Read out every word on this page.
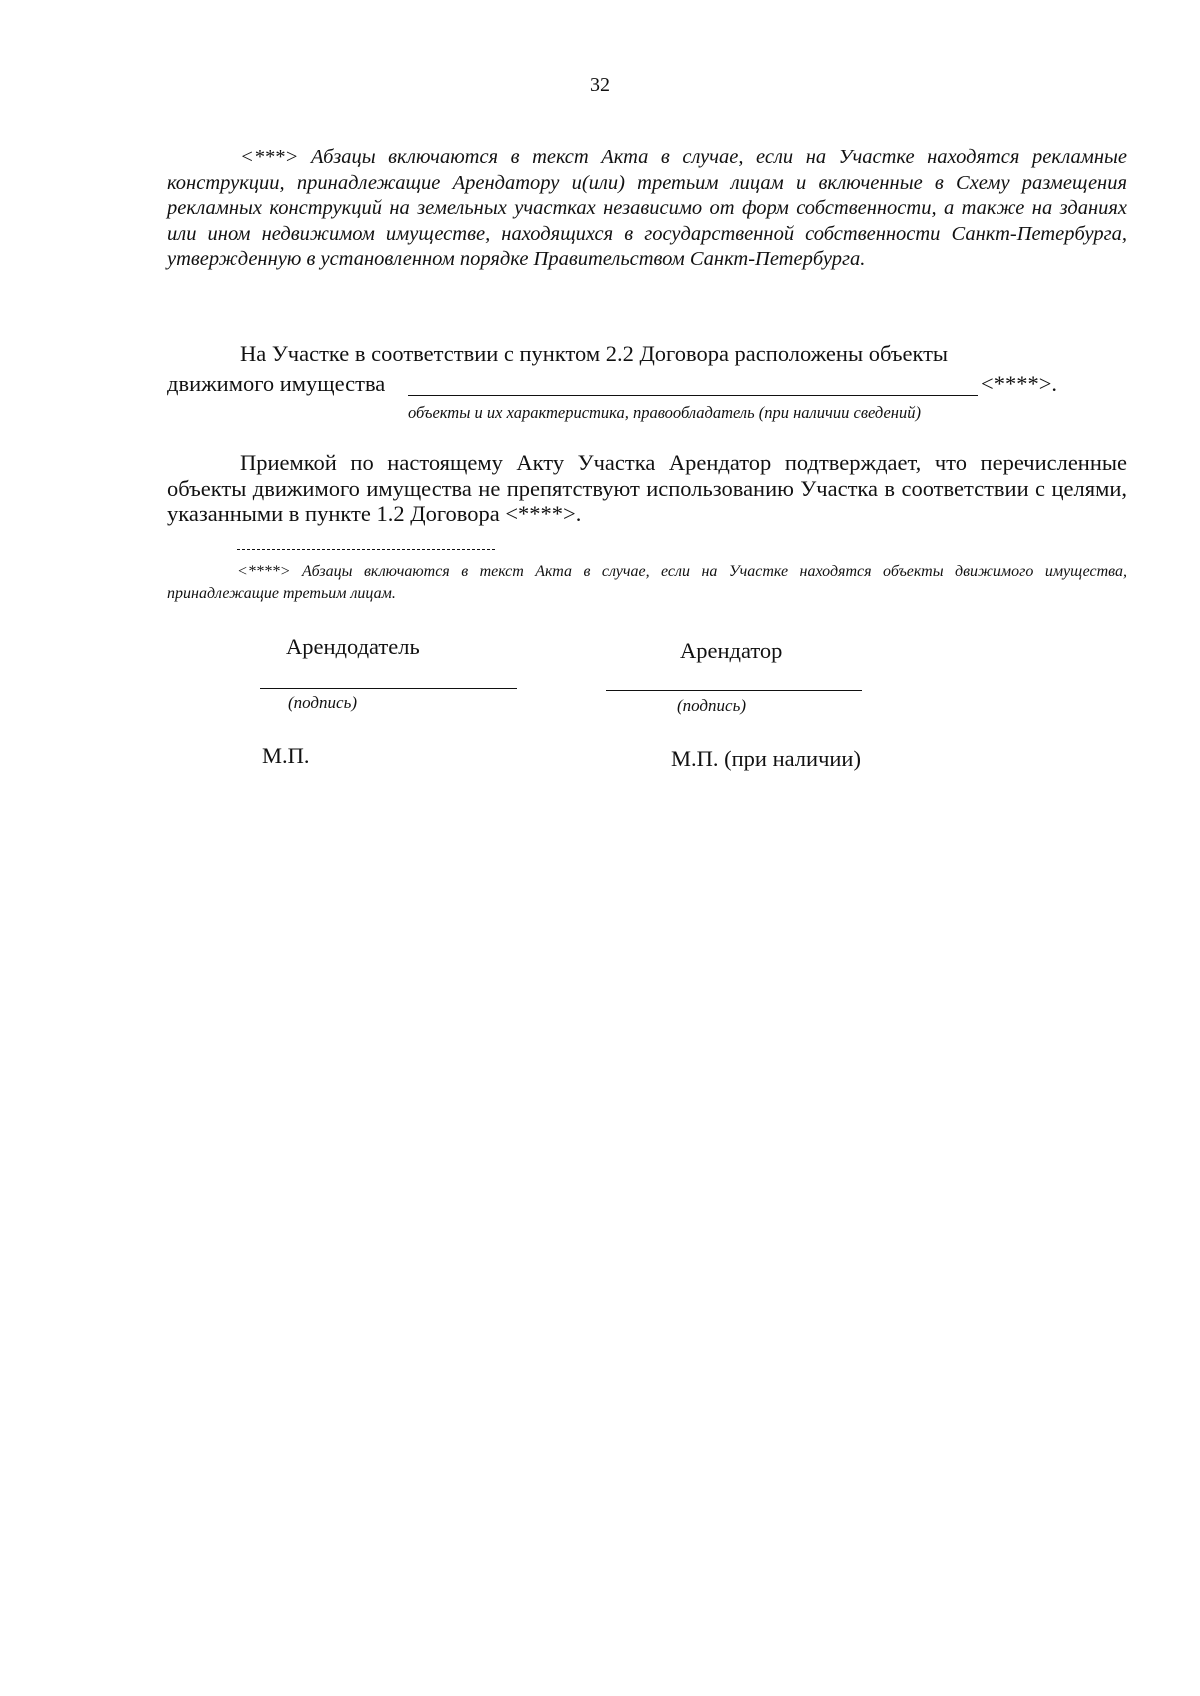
32
<***> Абзацы включаются в текст Акта в случае, если на Участке находятся рекламные конструкции, принадлежащие Арендатору и(или) третьим лицам и включенные в Схему размещения рекламных конструкций на земельных участках независимо от форм собственности, а также на зданиях или ином недвижимом имуществе, находящихся в государственной собственности Санкт-Петербурга, утвержденную в установленном порядке Правительством Санкт-Петербурга.
На Участке в соответствии с пунктом 2.2 Договора расположены объекты
движимого имущества	<****>.
объекты и их характеристика, правообладатель (при наличии сведений)
Приемкой по настоящему Акту Участка Арендатор подтверждает, что перечисленные объекты движимого имущества не препятствуют использованию Участка в соответствии с целями, указанными в пункте 1.2 Договора <****>.
<****> Абзацы включаются в текст Акта в случае, если на Участке находятся объекты движимого имущества, принадлежащие третьим лицам.
Арендодатель
(подпись)
М.П.
Арендатор
(подпись)
М.П. (при наличии)
